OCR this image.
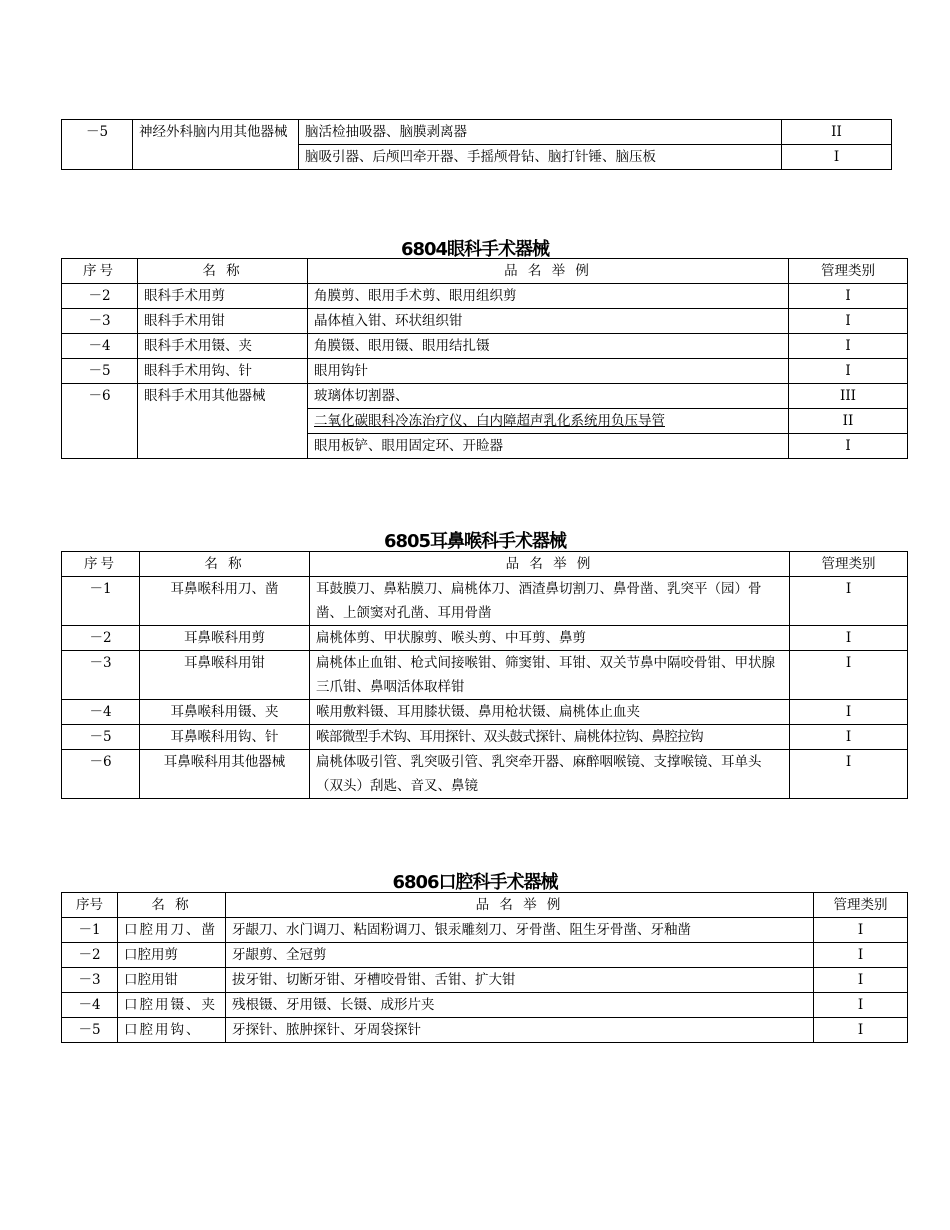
－5	神经外科脑内用其他器械	脑活检抽吸器、脑膜剥离器	II
		脑吸引器、后颅凹牵开器、手摇颅骨钻、脑打针锤、脑压板	I
6804眼科手术器械
序号	名 称	品 名 举 例	管理类别
－2	眼科手术用剪	角膜剪、眼用手术剪、眼用组织剪	I
－3	眼科手术用钳	晶体植入钳、环状组织钳	I
－4	眼科手术用镊、夹	角膜镊、眼用镊、眼用结扎镊	I
－5	眼科手术用钩、针	眼用钩针	I
－6	眼科手术用其他器械	玻璃体切割器、	III
		二氧化碳眼科冷冻治疗仪、白内障超声乳化系统用负压导管	II
		眼用板铲、眼用固定环、开睑器	I
6805耳鼻喉科手术器械
序号	名 称	品 名 举 例	管理类别
－1	耳鼻喉科用刀、凿	耳鼓膜刀、鼻粘膜刀、扁桃体刀、酒渣鼻切割刀、鼻骨凿、乳突平（园）骨凿、上颌窦对孔凿、耳用骨凿	I
－2	耳鼻喉科用剪	扁桃体剪、甲状腺剪、喉头剪、中耳剪、鼻剪	I
－3	耳鼻喉科用钳	扁桃体止血钳、枪式间接喉钳、筛窦钳、耳钳、双关节鼻中隔咬骨钳、甲状腺三爪钳、鼻咽活体取样钳	I
－4	耳鼻喉科用镊、夹	喉用敷料镊、耳用膝状镊、鼻用枪状镊、扁桃体止血夹	I
－5	耳鼻喉科用钩、针	喉部微型手术钩、耳用探针、双头鼓式探针、扁桃体拉钩、鼻腔拉钩	I
－6	耳鼻喉科用其他器械	扁桃体吸引管、乳突吸引管、乳突牵开器、麻醉咽喉镜、支撑喉镜、耳单头（双头）刮匙、音叉、鼻镜	I
6806口腔科手术器械
序号	名 称	品 名 举 例	管理类别
－1	口腔用刀、凿	牙龈刀、水门调刀、粘固粉调刀、银汞雕刻刀、牙骨凿、阻生牙骨凿、牙釉凿	I
－2	口腔用剪	牙龈剪、全冠剪	I
－3	口腔用钳	拔牙钳、切断牙钳、牙槽咬骨钳、舌钳、扩大钳	I
－4	口腔用镊、夹	残根镊、牙用镊、长镊、成形片夹	I
－5	口腔用钩、	牙探针、脓肿探针、牙周袋探针	I
